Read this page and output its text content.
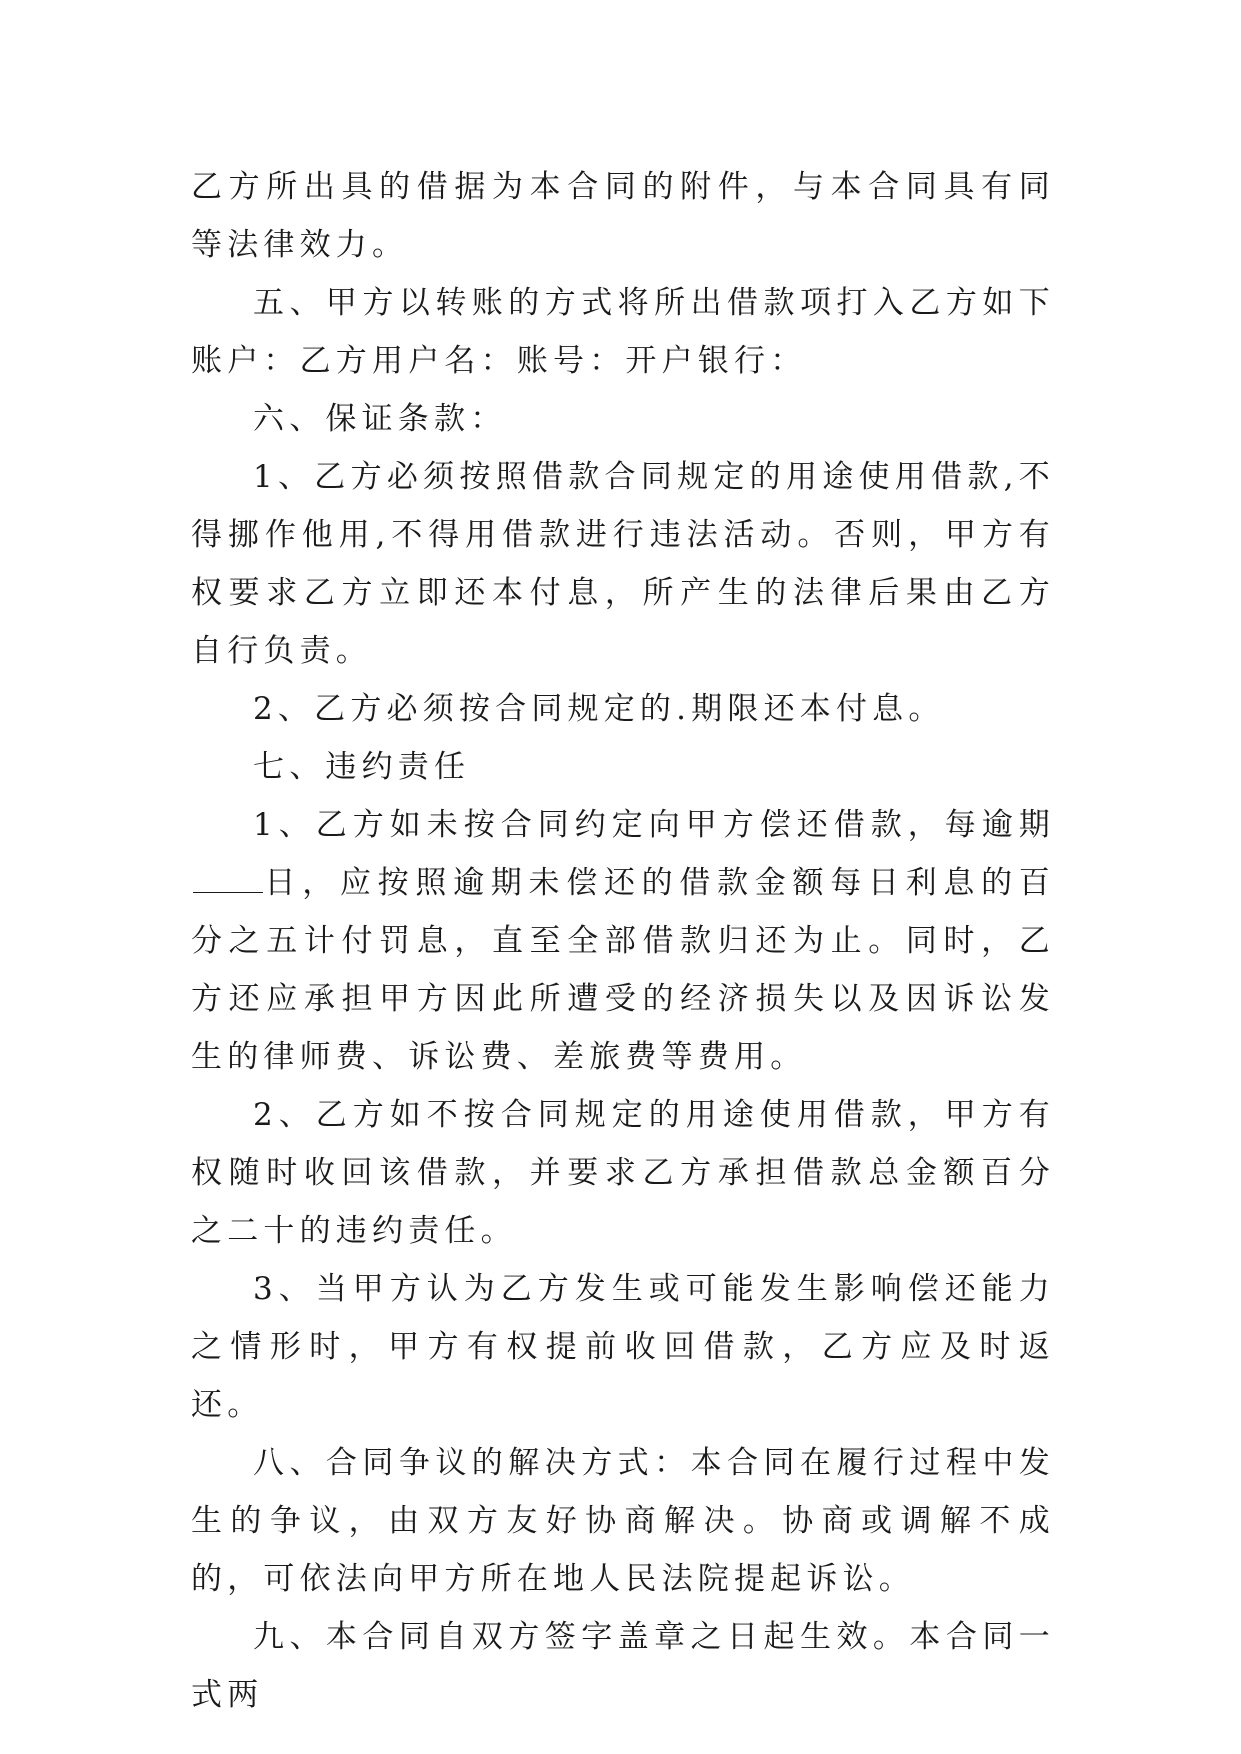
乙方所出具的借据为本合同的附件，与本合同具有同等法律效力。

五、甲方以转账的方式将所出借款项打入乙方如下账户：乙方用户名：账号：开户银行：

六、保证条款：

1、乙方必须按照借款合同规定的用途使用借款,不得挪作他用,不得用借款进行违法活动。否则，甲方有权要求乙方立即还本付息，所产生的法律后果由乙方自行负责。

2、乙方必须按合同规定的.期限还本付息。

七、违约责任

1、乙方如未按合同约定向甲方偿还借款，每逾期日，应按照逾期未偿还的借款金额每日利息的百分之五计付罚息，直至全部借款归还为止。同时，乙方还应承担甲方因此所遭受的经济损失以及因诉讼发生的律师费、诉讼费、差旅费等费用。

2、乙方如不按合同规定的用途使用借款，甲方有权随时收回该借款，并要求乙方承担借款总金额百分之二十的违约责任。

3、当甲方认为乙方发生或可能发生影响偿还能力之情形时，甲方有权提前收回借款，乙方应及时返还。

八、合同争议的解决方式：本合同在履行过程中发生的争议，由双方友好协商解决。协商或调解不成的，可依法向甲方所在地人民法院提起诉讼。

九、本合同自双方签字盖章之日起生效。本合同一式两
